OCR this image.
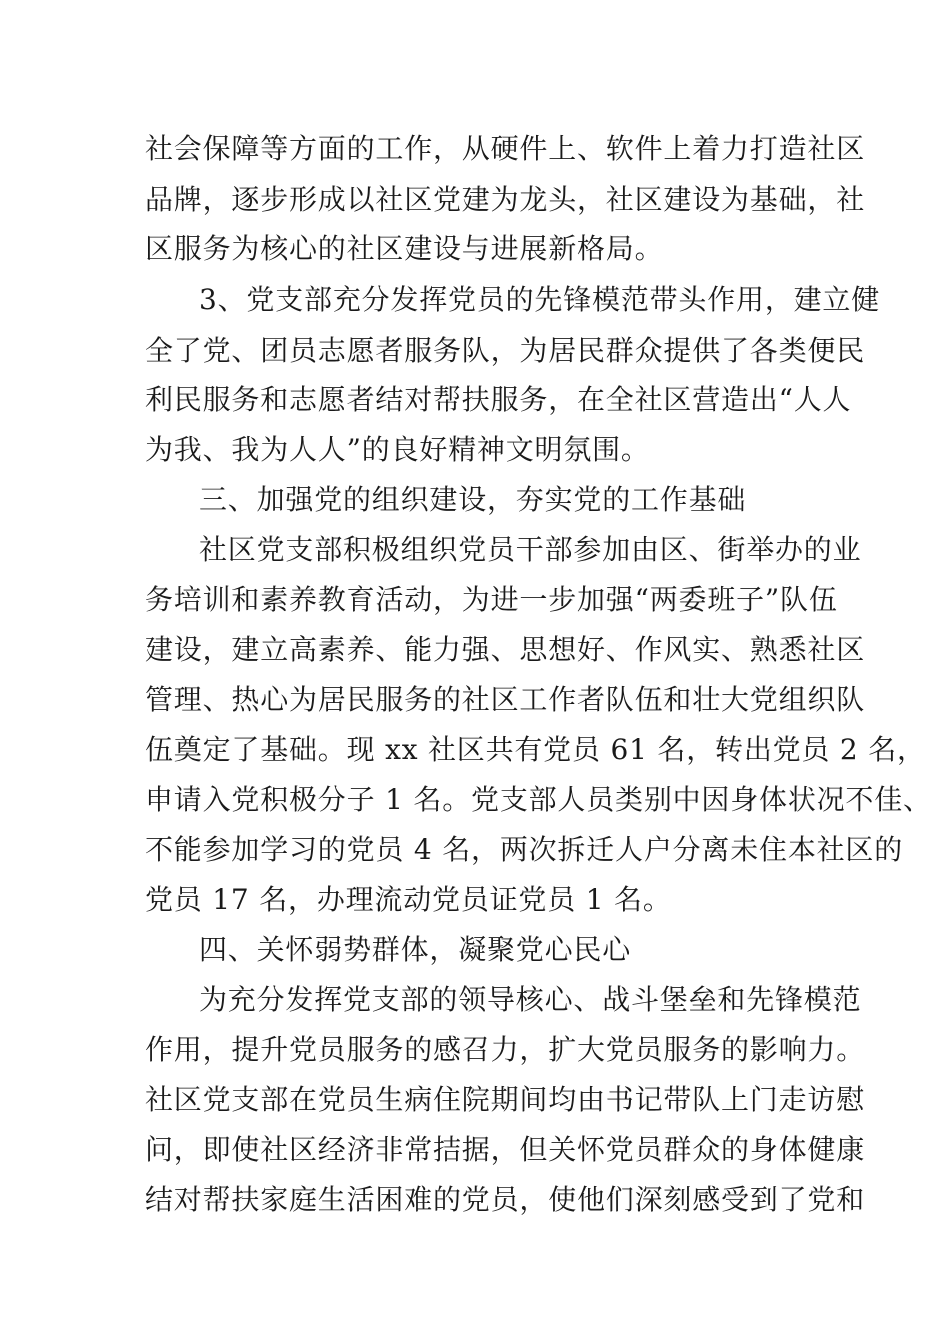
社会保障等方面的工作，从硬件上、软件上着力打造社区
品牌，逐步形成以社区党建为龙头，社区建设为基础，社
区服务为核心的社区建设与进展新格局。
3、党支部充分发挥党员的先锋模范带头作用，建立健
全了党、团员志愿者服务队，为居民群众提供了各类便民
利民服务和志愿者结对帮扶服务，在全社区营造出“人人
为我、我为人人”的良好精神文明氛围。
三、加强党的组织建设，夯实党的工作基础
社区党支部积极组织党员干部参加由区、街举办的业
务培训和素养教育活动，为进一步加强“两委班子”队伍
建设，建立高素养、能力强、思想好、作风实、熟悉社区
管理、热心为居民服务的社区工作者队伍和壮大党组织队
伍奠定了基础。现 xx 社区共有党员 61 名，转出党员 2 名，
申请入党积极分子 1 名。党支部人员类别中因身体状况不佳、
不能参加学习的党员 4 名，两次拆迁人户分离未住本社区的
党员 17 名，办理流动党员证党员 1 名。
四、关怀弱势群体，凝聚党心民心
为充分发挥党支部的领导核心、战斗堡垒和先锋模范
作用，提升党员服务的感召力，扩大党员服务的影响力。
社区党支部在党员生病住院期间均由书记带队上门走访慰
问，即使社区经济非常拮据，但关怀党员群众的身体健康
结对帮扶家庭生活困难的党员，使他们深刻感受到了党和
